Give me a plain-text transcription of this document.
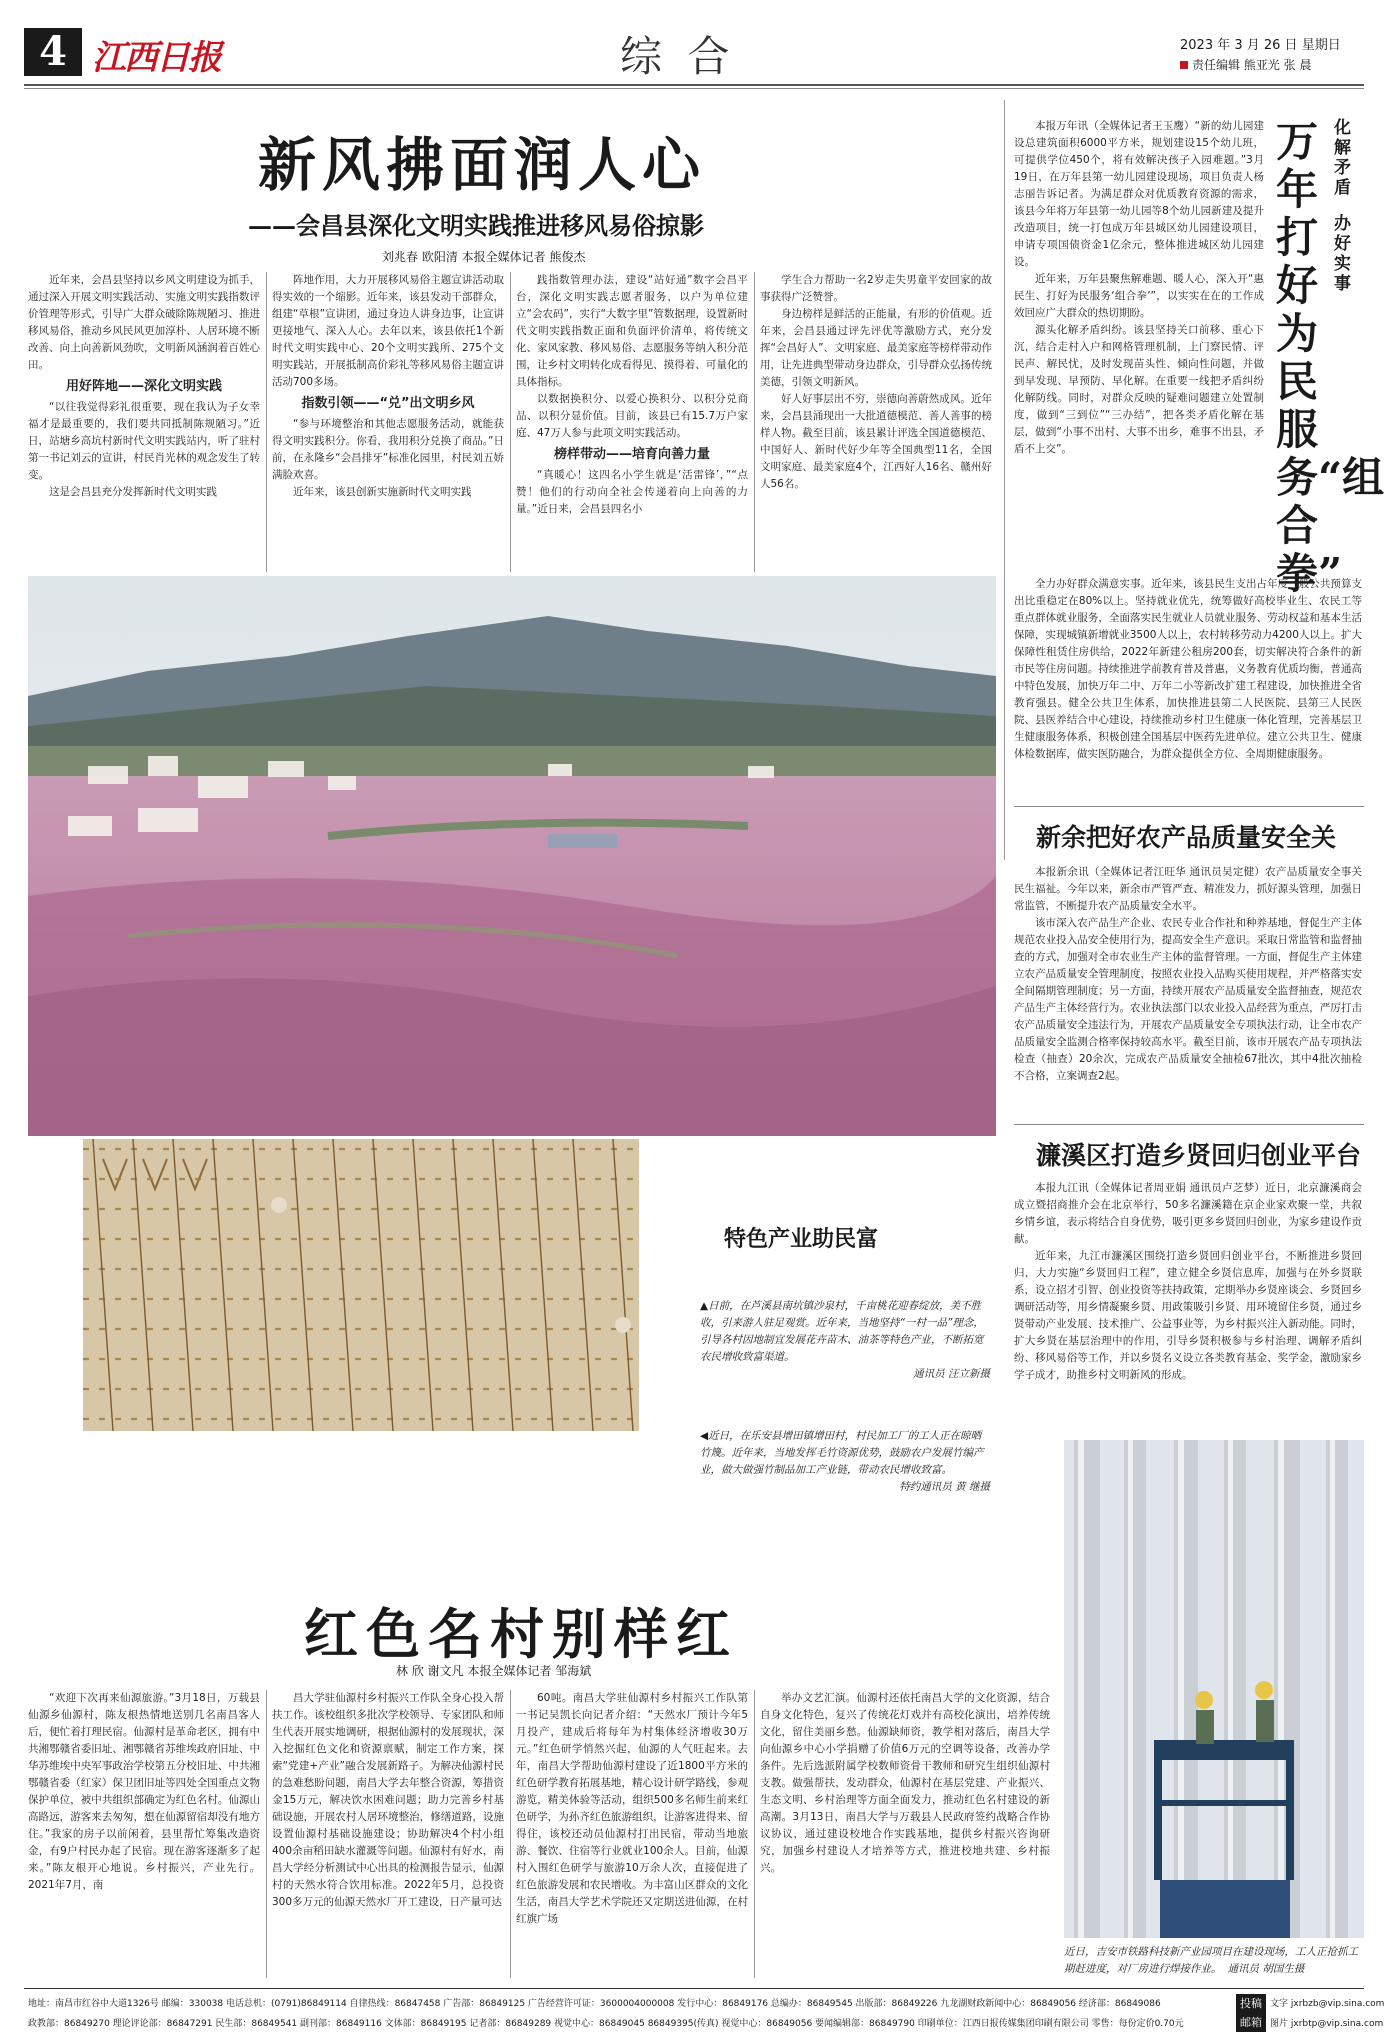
4 江西日报	综 合	2023 年 3 月 26 日 星期日
责任编辑 熊亚光 张 晨
新风拂面润人心
——会昌县深化文明实践推进移风易俗掠影
刘兆春 欧阳清 本报全媒体记者 熊俊杰

近年来，会昌县坚持以乡风文明建设为抓手，通过深入开展文明实践活动、实施文明实践指数评价管理等形式，引导广大群众破除陈规陋习、推进移风易俗，推动乡风民风更加淳朴、人居环境不断改善、向上向善新风劲吹，文明新风涵润着百姓心田。

用好阵地——深化文明实践

“以往我觉得彩礼很重要，现在我认为子女幸福才是最重要的，我们要共同抵制陈规陋习。”近日，站塘乡高坑村新时代文明实践站内，听了驻村第一书记刘云的宣讲，村民肖光林的观念发生了转变。

这是会昌县充分发挥新时代文明实践

阵地作用，大力开展移风易俗主题宣讲活动取得实效的一个缩影。近年来，该县发动干部群众，组建“草根”宣讲团，通过身边人讲身边事，让宣讲更接地气、深入人心。去年以来，该县依托1个新时代文明实践中心、20个文明实践所、275个文明实践站，开展抵制高价彩礼等移风易俗主题宣讲活动700多场。

指数引领——“兑”出文明乡风

“参与环境整治和其他志愿服务活动，就能获得文明实践积分。你看，我用积分兑换了商品。”日前，在永隆乡“会昌排牙”标准化园里，村民刘五娇满脸欢喜。

近年来，该县创新实施新时代文明实践

践指数管理办法，建设“站好通”数字会昌平台，深化文明实践志愿者服务，以户为单位建立“会农码”，实行“大数字里”管数据理，设置新时代文明实践指数正面和负面评价清单，将传统文化、家风家教、移风易俗、志愿服务等纳入积分范围，让乡村文明转化成看得见、摸得着、可量化的具体指标。

以数据换积分、以爱心换积分、以积分兑商品、以积分显价值。目前，该县已有15.7万户家庭、47万人参与此项文明实践活动。

榜样带动——培育向善力量

“真暖心！这四名小学生就是‘活雷锋’，”“点赞！他们的行动向全社会传递着向上向善的力量。”近日来，会昌县四名小

学生合力帮助一名2岁走失男童平安回家的故事获得广泛赞誉。

身边榜样是鲜活的正能量，有形的价值观。近年来，会昌县通过评先评优等激励方式，充分发挥“会昌好人”、文明家庭、最美家庭等榜样带动作用，让先进典型带动身边群众，引导群众弘扬传统美德，引领文明新风。

好人好事层出不穷，崇德向善蔚然成风。近年来，会昌县涌现出一大批道德模范、善人善事的榜样人物。截至目前，该县累计评选全国道德模范、中国好人、新时代好少年等全国典型11名，全国文明家庭、最美家庭4个，江西好人16名、赣州好人56名。

化解矛盾
办好实事
万年打好为民服务“组合拳”

本报万年讯（全媒体记者王玉鹰）“新的幼儿园建设总建筑面积6000平方米，规划建设15个幼儿班，可提供学位450个，将有效解决孩子入园难题。”3月19日，在万年县第一幼儿园建设现场，项目负责人杨志丽告诉记者。为满足群众对优质教育资源的需求，该县今年将万年县第一幼儿园等8个幼儿园新建及提升改造项目，统一打包成万年县城区幼儿园建设项目，申请专项国债资金1亿余元，整体推进城区幼儿园建设。

近年来，万年县聚焦解难题、暖人心，深入开“惠民生、打好为民服务‘组合拳’”，以实实在在的工作成效回应广大群众的热切期盼。

源头化解矛盾纠纷。该县坚持关口前移、重心下沉，结合走村入户和网格管理机制，上门察民情、评民声、解民忧，及时发现苗头性、倾向性问题，并做到早发现、早预防、早化解。在重要一线把矛盾纠纷化解防线。同时，对群众反映的疑难问题建立处置制度，做到“三到位”“三办结”，把各类矛盾化解在基层，做到“小事不出村、大事不出乡，难事不出县，矛盾不上交”。

全力办好群众满意实事。近年来，该县民生支出占年度一般公共预算支出比重稳定在80%以上。坚持就业优先，统筹做好高校毕业生、农民工等重点群体就业服务，全面落实民生就业人员就业服务、劳动权益和基本生活保障，实现城镇新增就业3500人以上，农村转移劳动力4200人以上。扩大保障性租赁住房供给，2022年新建公租房200套，切实解决符合条件的新市民等住房问题。持续推进学前教育普及普惠，义务教育优质均衡，普通高中特色发展，加快万年二中、万年二小等新改扩建工程建设，加快推进全省教育强县。健全公共卫生体系，加快推进县第二人民医院、县第三人民医院、县医养结合中心建设，持续推动乡村卫生健康一体化管理，完善基层卫生健康服务体系，积极创建全国基层中医药先进单位。建立公共卫生、健康体检数据库，做实医防融合，为群众提供全方位、全周期健康服务。

特色产业助民富
▲日前，在芦溪县南坑镇沙泉村，千亩桃花迎春绽放，美不胜收，引来游人驻足观赏。近年来，当地坚持“一村一品”理念，引导各村因地制宜发展花卉苗木、油茶等特色产业，不断拓宽农民增收致富渠道。
通讯员 汪立新摄
◀近日，在乐安县增田镇增田村，村民加工厂的工人正在晾晒竹篾。近年来，当地发挥毛竹资源优势，鼓励农户发展竹编产业，做大做强竹制品加工产业链，带动农民增收致富。
特约通讯员 黄 继摄
新余把好农产品质量安全关

本报新余讯（全媒体记者江旺华 通讯员吴定健）农产品质量安全事关民生福祉。今年以来，新余市严管严查、精准发力，抓好源头管理，加强日常监管，不断提升农产品质量安全水平。

该市深入农产品生产企业、农民专业合作社和种养基地，督促生产主体规范农业投入品安全使用行为，提高安全生产意识。采取日常监管和监督抽查的方式，加强对全市农业生产主体的监督管理。一方面，督促生产主体建立农产品质量安全管理制度，按照农业投入品购买使用规程，并严格落实安全间隔期管理制度；另一方面，持续开展农产品质量安全监督抽查，规范农产品生产主体经营行为。农业执法部门以农业投入品经营为重点，严厉打击农产品质量安全违法行为，开展农产品质量安全专项执法行动，让全市农产品质量安全监测合格率保持较高水平。截至目前，该市开展农产品专项执法检查（抽查）20余次，完成农产品质量安全抽检67批次，其中4批次抽检不合格，立案调查2起。

濂溪区打造乡贤回归创业平台

本报九江讯（全媒体记者周亚娟 通讯员卢芝梦）近日，北京濂溪商会成立暨招商推介会在北京举行，50多名濂溪籍在京企业家欢聚一堂，共叙乡情乡谊，表示将结合自身优势，吸引更多乡贤回归创业，为家乡建设作贡献。

近年来，九江市濂溪区围绕打造乡贤回归创业平台，不断推进乡贤回归，大力实施“乡贤回归工程”，建立健全乡贤信息库，加强与在外乡贤联系，设立招才引智、创业投资等扶持政策，定期举办乡贤座谈会、乡贤回乡调研活动等，用乡情凝聚乡贤、用政策吸引乡贤、用环境留住乡贤，通过乡贤带动产业发展、技术推广、公益事业等，为乡村振兴注入新动能。同时，扩大乡贤在基层治理中的作用，引导乡贤积极参与乡村治理、调解矛盾纠纷、移风易俗等工作，并以乡贤名义设立各类教育基金、奖学金，激励家乡学子成才，助推乡村文明新风的形成。

近日，吉安市铁路科技新产业园项目在建设现场，工人正抢抓工期赶进度，对厂房进行焊接作业。 通讯员 胡国生摄
红色名村别样红
林 欣 谢文凡 本报全媒体记者 邹海斌

“欢迎下次再来仙源旅游。”3月18日，万载县仙源乡仙源村，陈友根热情地送别几名南昌客人后，便忙着打理民宿。仙源村是革命老区，拥有中共湘鄂赣省委旧址、湘鄂赣省苏维埃政府旧址、中华苏维埃中央军事政治学校第五分校旧址、中共湘鄂赣省委（红家）保卫团旧址等四处全国重点文物保护单位，被中共组织部确定为红色名村。仙源山高路远，游客来去匆匆，想在仙源留宿却没有地方住。”我家的房子以前闲着，县里帮忙筹集改造资金，有9户村民办起了民宿。现在游客逐渐多了起来。”陈友根开心地说。乡村振兴，产业先行。2021年7月，南

昌大学驻仙源村乡村振兴工作队全身心投入帮扶工作。该校组织多批次学校领导、专家团队和师生代表开展实地调研，根据仙源村的发展现状，深入挖掘红色文化和资源禀赋，制定工作方案，探索“党建+产业”融合发展新路子。为解决仙源村民的急难愁盼问题，南昌大学去年整合资源，筹措资金15万元，解决饮水困难问题；助力完善乡村基础设施，开展农村人居环境整治，修缮道路，设施设置仙源村基础设施建设；协助解决4个村小组400余亩稻田缺水灌溉等问题。仙源村有好水，南昌大学经分析测试中心出具的检测报告显示，仙源村的天然水符合饮用标准。2022年5月，总投资300多万元的仙源天然水厂开工建设，日产量可达

60吨。南昌大学驻仙源村乡村振兴工作队第一书记吴凯长向记者介绍：“天然水厂预计今年5月投产，建成后将每年为村集体经济增收30万元。”红色研学悄然兴起，仙源的人气旺起来。去年，南昌大学帮助仙源村建设了近1800平方米的红色研学教育拓展基地，精心设计研学路线，参观游览，精美体验等活动，组织500多名师生前来红色研学，为孙齐红色旅游组织，让游客进得来、留得住，该校还动员仙源村打出民宿，带动当地旅游、餐饮、住宿等行业就业100余人。目前，仙源村入围红色研学与旅游10万余人次，直接促进了红色旅游发展和农民增收。为丰富山区群众的文化生活，南昌大学艺术学院还又定期送进仙源，在村红旗广场

举办文艺汇演。仙源村还依托南昌大学的文化资源，结合自身文化特色，复兴了传统花灯戏并有高校化演出，培养传统文化，留住美丽乡愁。仙源缺师资，教学相对落后，南昌大学向仙源乡中心小学捐赠了价值6万元的空调等设备，改善办学条件。先后选派附属学校数师资骨干教师和研究生组织仙源村支教。做强帮扶，发动群众，仙源村在基层党建、产业振兴、生态文明、乡村治理等方面全面发力，推动红色名村建设的新高潮。3月13日，南昌大学与万载县人民政府签约战略合作协议协议，通过建设校地合作实践基地，提供乡村振兴咨询研究，加强乡村建设人才培养等方式，推进校地共建、乡村振兴。

地址：南昌市红谷中大道1326号 邮编：330038 电话总机：(0791)86849114 自律热线：86847458 广告部：86849125 广告经营许可证：3600004000008 发行中心：86849176 总编办：86849545 出版部：86849226 九龙湖财政新闻中心：86849056 经济部：86849086
政教部：86849270 理论评论部：86847291 民生部：86849541 副刊部：86849116 文体部：86849195 记者部：86849289 视觉中心：86849045 86849395(传真) 视觉中心：86849056 要闻编辑部：86849790 印刷单位：江西日报传媒集团印刷有限公司 零售：每份定价0.70元
投稿
邮箱
文字 jxrbzb@vip.sina.com
图片 jxrbtp@vip.sina.com
